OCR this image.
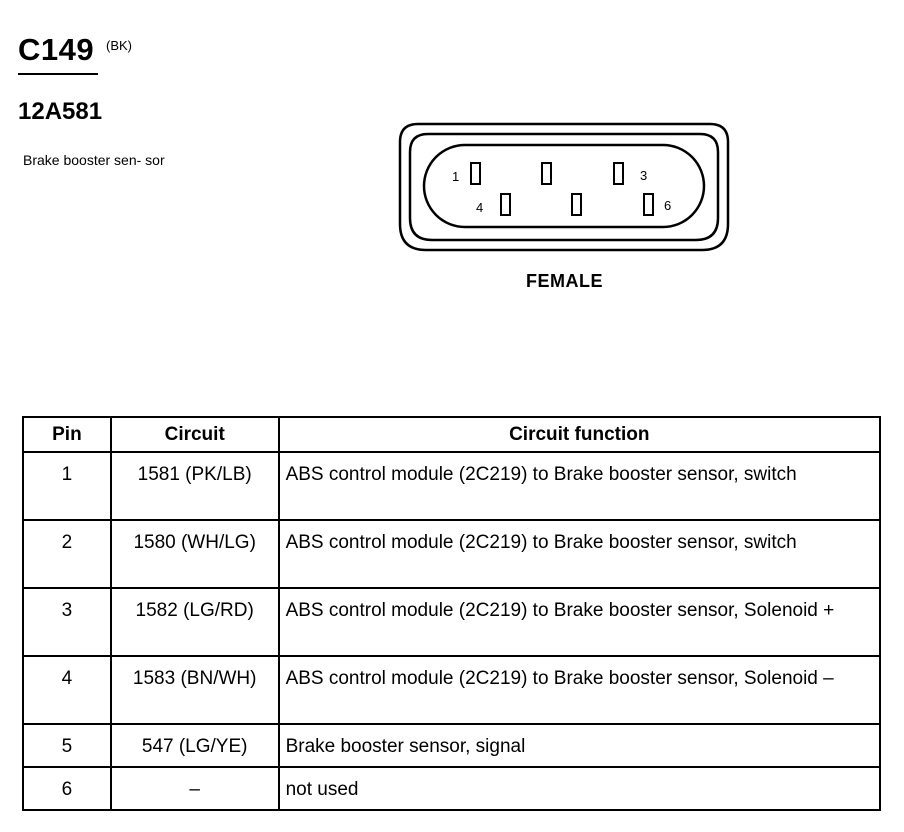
C149 (BK)
12A581
Brake booster sen- sor
1	3
4	6
FEMALE
Pin	Circuit	Circuit function
1	1581 (PK/LB)	ABS control module (2C219) to Brake booster sensor, switch
2	1580 (WH/LG)	ABS control module (2C219) to Brake booster sensor, switch
3	1582 (LG/RD)	ABS control module (2C219) to Brake booster sensor, Solenoid +
4	1583 (BN/WH)	ABS control module (2C219) to Brake booster sensor, Solenoid –
5	547 (LG/YE)	Brake booster sensor, signal
6	–	not used
